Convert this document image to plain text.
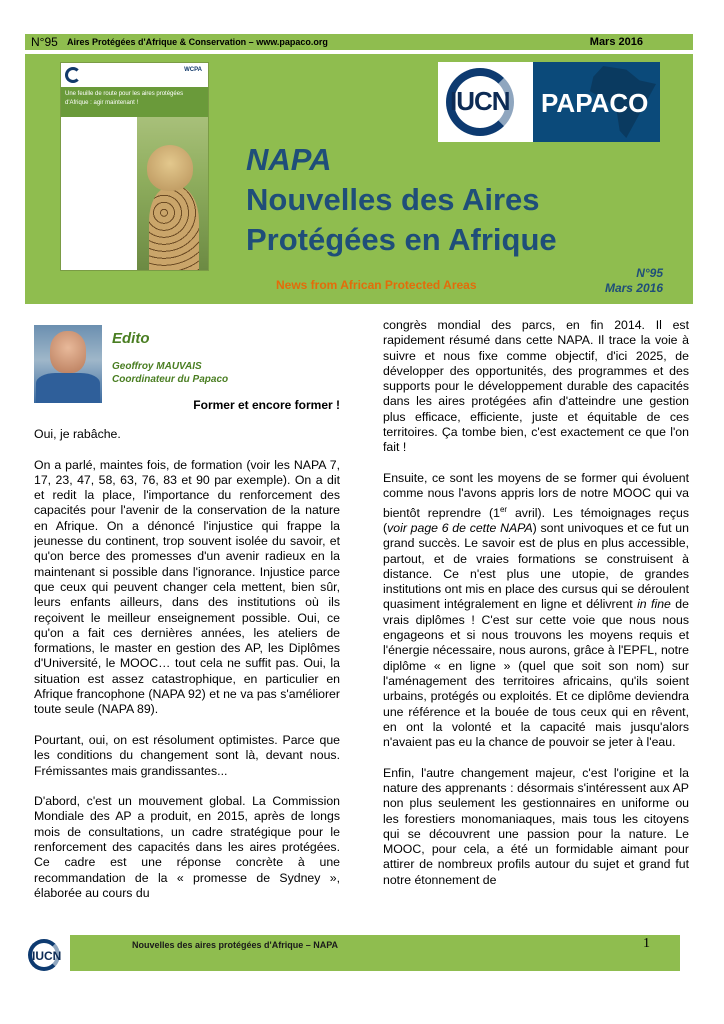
N°95 Aires Protégées d'Afrique & Conservation – www.papaco.org	Mars 2016
WCPA
Une feuille de route pour les aires protégées d'Afrique : agir maintenant !	IUCN PAPACO
NAPA
Nouvelles des Aires
Protégées en Afrique
News from African Protected Areas
N°95
Mars 2016
Edito
Geoffroy MAUVAIS
Coordinateur du Papaco
Former et encore former !

Oui, je rabâche.

On a parlé, maintes fois, de formation (voir les NAPA 7, 17, 23, 47, 58, 63, 76, 83 et 90 par exemple). On a dit et redit la place, l'importance du renforcement des capacités pour l'avenir de la conservation de la nature en Afrique. On a dénoncé l'injustice qui frappe la jeunesse du continent, trop souvent isolée du savoir, et qu'on berce des promesses d'un avenir radieux en la maintenant si possible dans l'ignorance. Injustice parce que ceux qui peuvent changer cela mettent, bien sûr, leurs enfants ailleurs, dans des institutions où ils reçoivent le meilleur enseignement possible. Oui, ce qu'on a fait ces dernières années, les ateliers de formations, le master en gestion des AP, les Diplômes d'Université, le MOOC… tout cela ne suffit pas. Oui, la situation est assez catastrophique, en particulier en Afrique francophone (NAPA 92) et ne va pas s'améliorer toute seule (NAPA 89).

Pourtant, oui, on est résolument optimistes. Parce que les conditions du changement sont là, devant nous. Frémissantes mais grandissantes...

D'abord, c'est un mouvement global. La Commission Mondiale des AP a produit, en 2015, après de longs mois de consultations, un cadre stratégique pour le renforcement des capacités dans les aires protégées. Ce cadre est une réponse concrète à une recommandation de la « promesse de Sydney », élaborée au cours du

congrès mondial des parcs, en fin 2014. Il est rapidement résumé dans cette NAPA. Il trace la voie à suivre et nous fixe comme objectif, d'ici 2025, de développer des opportunités, des programmes et des supports pour le développement durable des capacités dans les aires protégées afin d'atteindre une gestion plus efficace, efficiente, juste et équitable de ces territoires. Ça tombe bien, c'est exactement ce que l'on fait !

Ensuite, ce sont les moyens de se former qui évoluent comme nous l'avons appris lors de notre MOOC qui va bientôt reprendre (1er avril). Les témoignages reçus (voir page 6 de cette NAPA) sont univoques et ce fut un grand succès. Le savoir est de plus en plus accessible, partout, et de vraies formations se construisent à distance. Ce n'est plus une utopie, de grandes institutions ont mis en place des cursus qui se déroulent quasiment intégralement en ligne et délivrent in fine de vrais diplômes ! C'est sur cette voie que nous nous engageons et si nous trouvons les moyens requis et l'énergie nécessaire, nous aurons, grâce à l'EPFL, notre diplôme « en ligne » (quel que soit son nom) sur l'aménagement des territoires africains, qu'ils soient urbains, protégés ou exploités. Et ce diplôme deviendra une référence et la bouée de tous ceux qui en rêvent, en ont la volonté et la capacité mais jusqu'alors n'avaient pas eu la chance de pouvoir se jeter à l'eau.

Enfin, l'autre changement majeur, c'est l'origine et la nature des apprenants : désormais s'intéressent aux AP non plus seulement les gestionnaires en uniforme ou les forestiers monomaniaques, mais tous les citoyens qui se découvrent une passion pour la nature. Le MOOC, pour cela, a été un formidable aimant pour attirer de nombreux profils autour du sujet et grand fut notre étonnement de

IUCN
Nouvelles des aires protégées d'Afrique – NAPA	1
